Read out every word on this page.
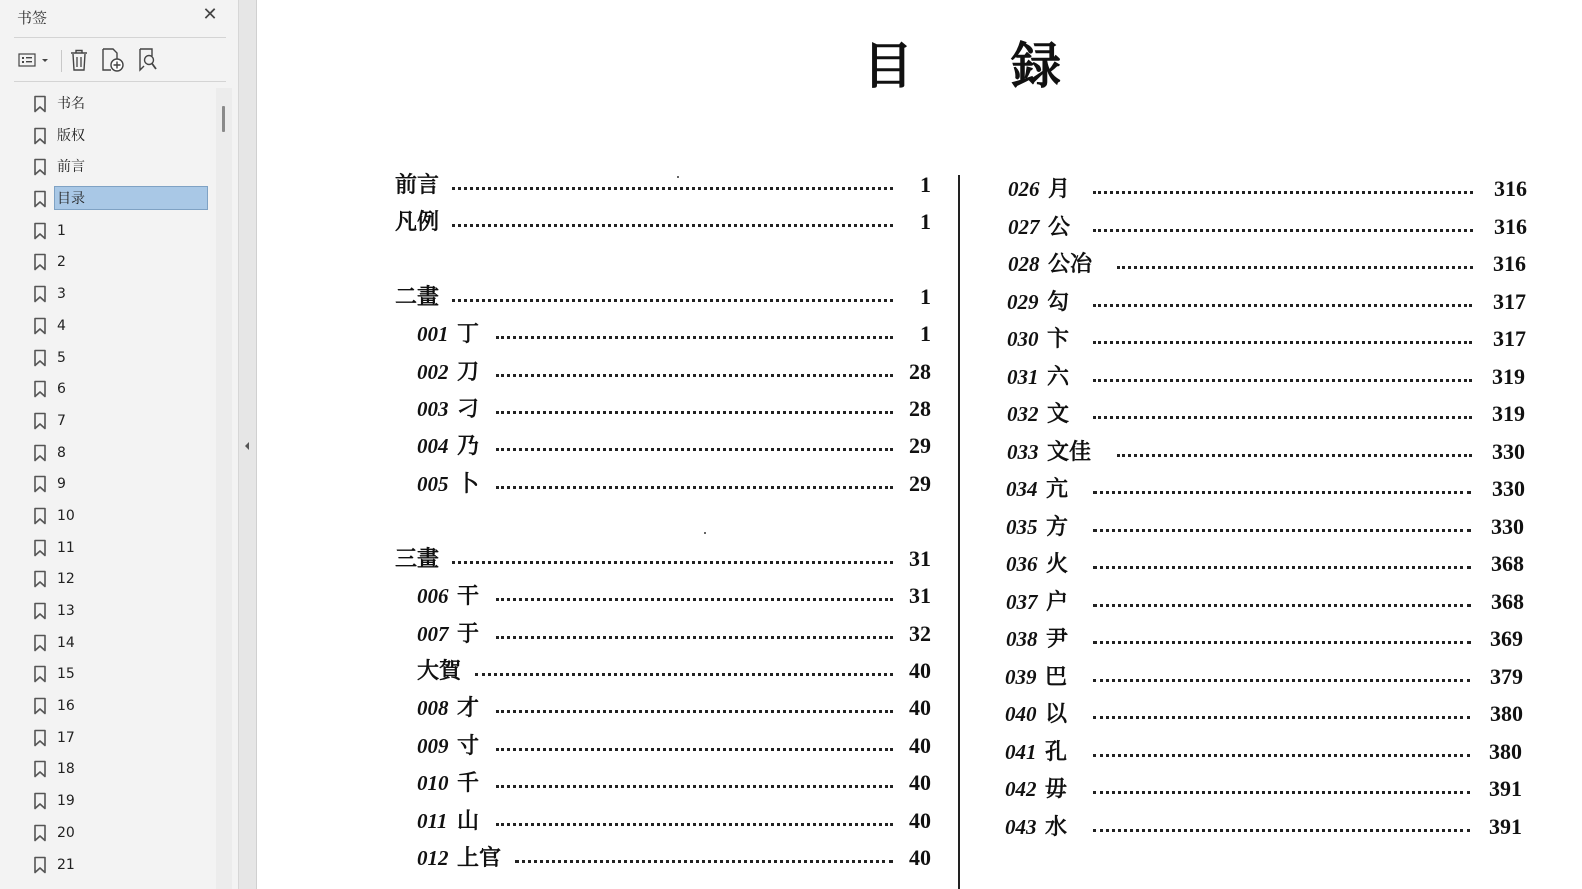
书签	✕
书名
版权
前言
目录
1
2
3
4
5
6
7
8
9
10
11
12
13
14
15
16
17
18
19
20
21
目 録
前言	1
凡例	1
二畫	1
001 丁	1
002 刀	28
003 刁	28
004 乃	29
005 卜	29
三畫	31
006 干	31
007 于	32
大賀	40
008 才	40
009 寸	40
010 千	40
011 山	40
012 上官	40
026 月	316
027 公	316
028 公冶	316
029 勾	317
030 卞	317
031 六	319
032 文	319
033 文佳	330
034 亢	330
035 方	330
036 火	368
037 户	368
038 尹	369
039 巴	379
040 以	380
041 孔	380
042 毋	391
043 水	391
